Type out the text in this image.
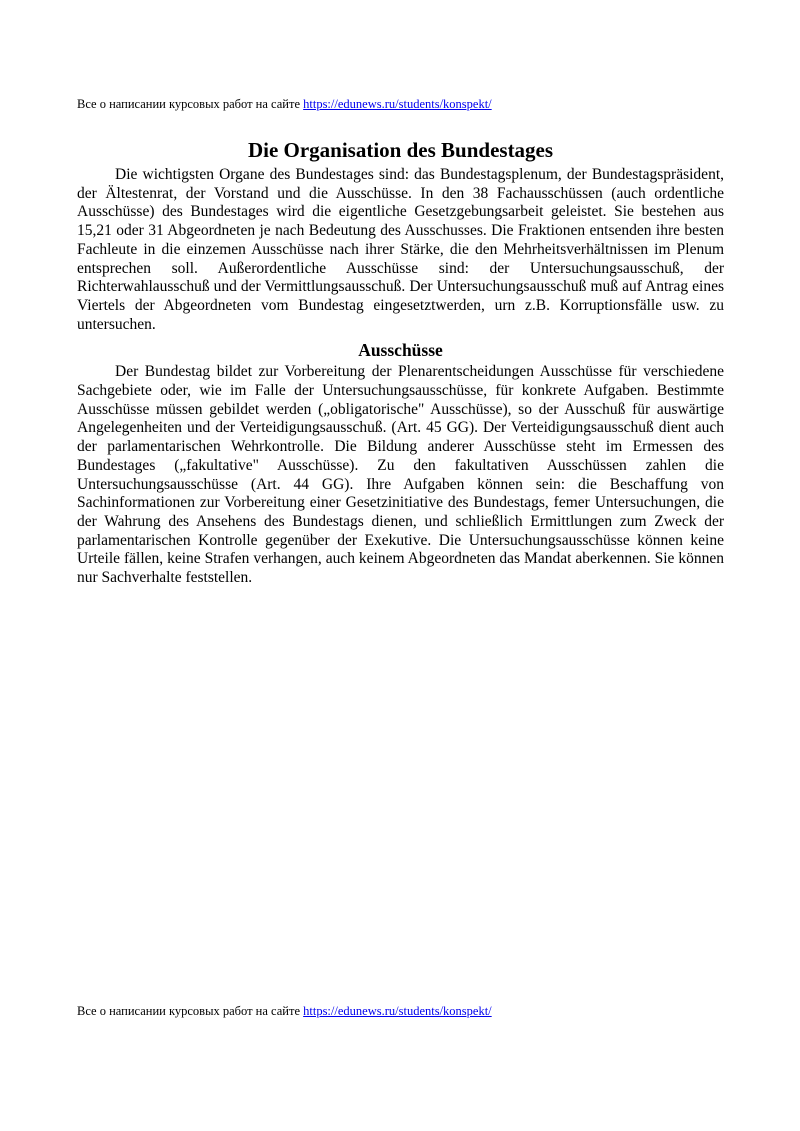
Все о написании курсовых работ на сайте https://edunews.ru/students/konspekt/
Die Organisation des Bundestages

Die wichtigsten Organe des Bundestages sind: das Bundestagsplenum, der Bundestagspräsident, der Ältestenrat, der Vorstand und die Ausschüsse. In den 38 Fachausschüssen (auch ordentliche Ausschüsse) des Bundestages wird die eigentliche Gesetzgebungsarbeit geleistet. Sie bestehen aus 15,21 oder 31 Abgeordneten je nach Bedeutung des Ausschusses. Die Fraktionen entsenden ihre besten Fachleute in die einzemen Ausschüsse nach ihrer Stärke, die den Mehrheitsverhältnissen im Plenum entsprechen soll. Außerordentliche Ausschüsse sind: der Untersuchungsausschuß, der Richterwahlausschuß und der Vermittlungsausschuß. Der Untersuchungsausschuß muß auf Antrag eines Viertels der Abgeordneten vom Bundestag eingesetztwerden, urn z.B. Korruptionsfälle usw. zu untersuchen.

Ausschüsse

Der Bundestag bildet zur Vorbereitung der Plenarentscheidungen Ausschüsse für verschiedene Sachgebiete oder, wie im Falle der Untersuchungsausschüsse, für konkrete Aufgaben. Bestimmte Ausschüsse müssen gebildet werden („obligatorische" Ausschüsse), so der Ausschuß für auswärtige Angelegenheiten und der Verteidigungsausschuß. (Art. 45 GG). Der Verteidigungsausschuß dient auch der parlamentarischen Wehrkontrolle. Die Bildung anderer Ausschüsse steht im Ermessen des Bundestages („fakultative" Ausschüsse). Zu den fakultativen Ausschüssen zahlen die Untersuchungsausschüsse (Art. 44 GG). Ihre Aufgaben können sein: die Beschaffung von Sachinformationen zur Vorbereitung einer Gesetzinitiative des Bundestags, femer Untersuchungen, die der Wahrung des Ansehens des Bundestags dienen, und schließlich Ermittlungen zum Zweck der parlamentarischen Kontrolle gegenüber der Exekutive. Die Untersuchungsausschüsse können keine Urteile fällen, keine Strafen verhangen, auch keinem Abgeordneten das Mandat aberkennen. Sie können nur Sachverhalte feststellen.

Все о написании курсовых работ на сайте https://edunews.ru/students/konspekt/
